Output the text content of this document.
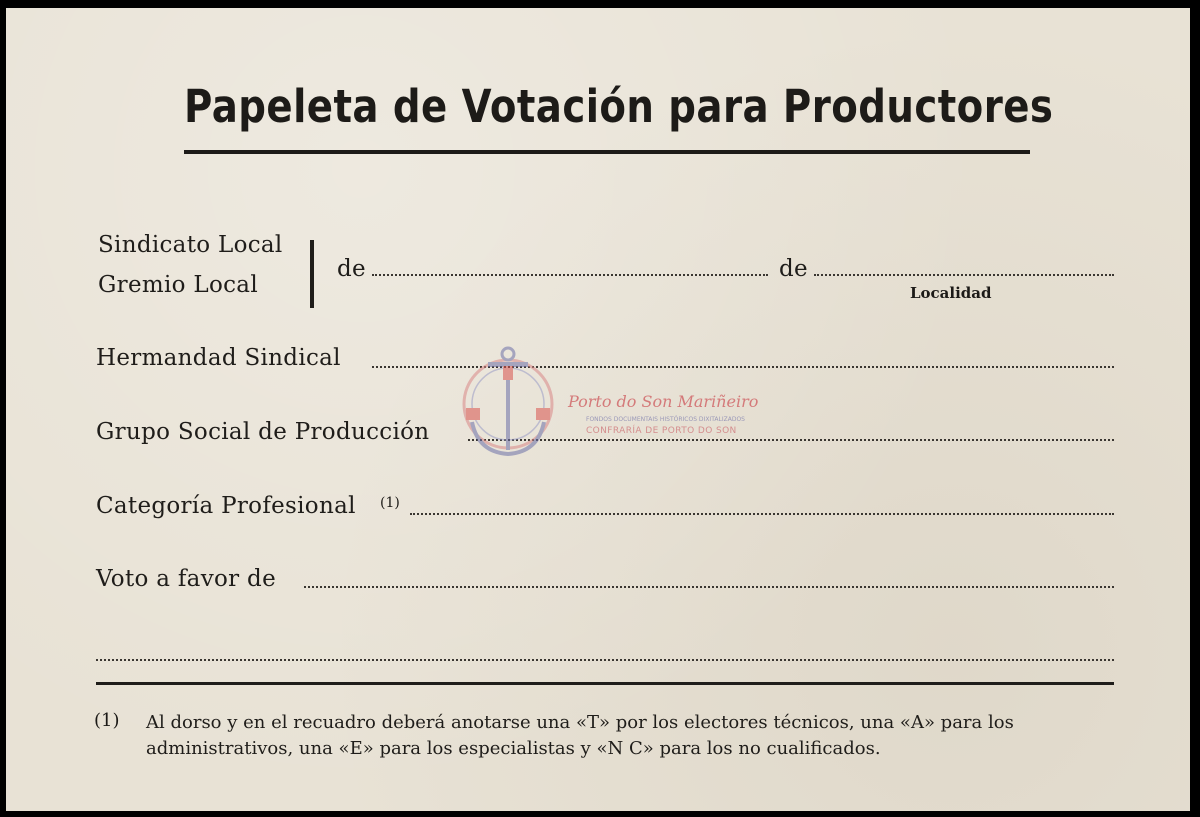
Papeleta de Votación para Productores
Sindicato Local
Gremio Local
de	de
Localidad
Hermandad Sindical
Grupo Social de Producción
Categoría Profesional (1)
Voto a favor de
(1) Al dorso y en el recuadro deberá anotarse una «T» por los electores técnicos, una «A» para los administrativos, una «E» para los especialistas y «N C» para los no cualificados.
Porto do Son Mariñeiro
FONDOS DOCUMENTAIS HISTÓRICOS DIXITALIZADOS
CONFRARÍA DE PORTO DO SON
